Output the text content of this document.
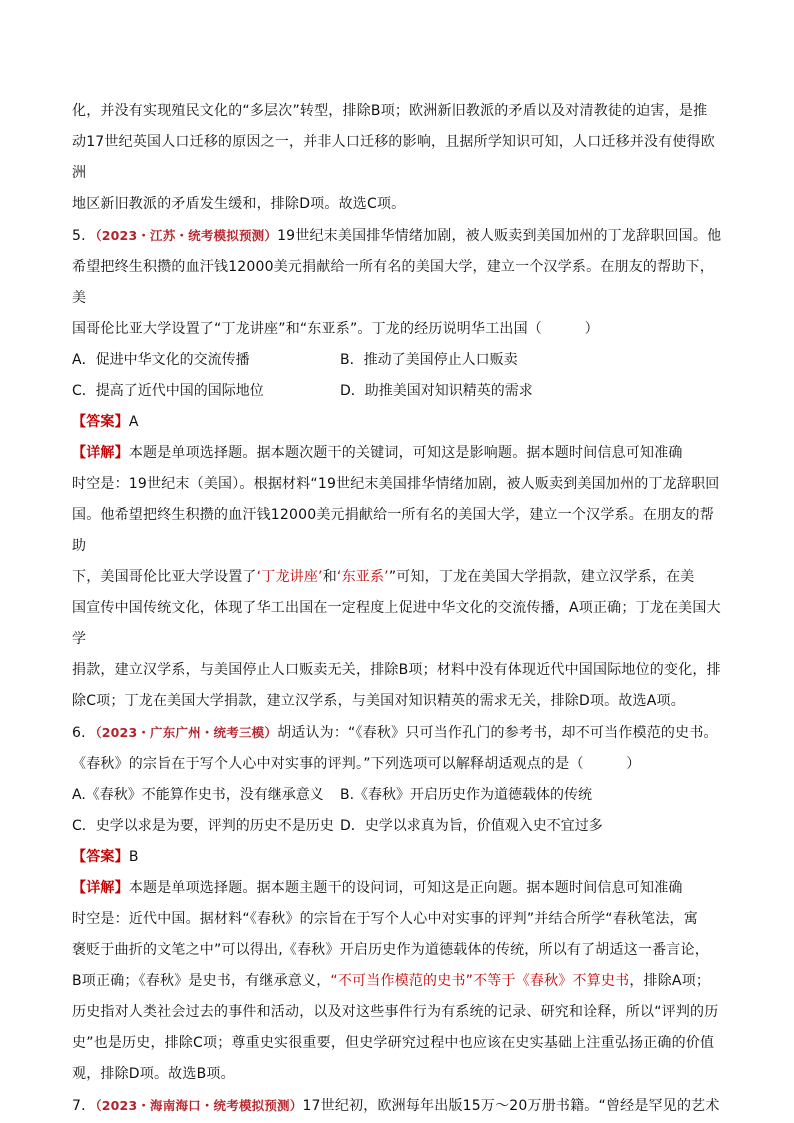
化，并没有实现殖民文化的“多层次”转型，排除B项；欧洲新旧教派的矛盾以及对清教徒的迫害，是推

动17世纪英国人口迁移的原因之一，并非人口迁移的影响，且据所学知识可知，人口迁移并没有使得欧洲

地区新旧教派的矛盾发生缓和，排除D项。故选C项。

5．（2023・江苏・统考模拟预测）19世纪末美国排华情绪加剧，被人贩卖到美国加州的丁龙辞职回国。他

希望把终生积攒的血汗钱12000美元捐献给一所有名的美国大学，建立一个汉学系。在朋友的帮助下，美

国哥伦比亚大学设置了“丁龙讲座”和“东亚系”。丁龙的经历说明华工出国（　　　）

A．促进中华文化的交流传播	B．推动了美国停止人口贩卖
C．提高了近代中国的国际地位	D．助推美国对知识精英的需求

【答案】A

【详解】本题是单项选择题。据本题次题干的关键词，可知这是影响题。据本题时间信息可知准确

时空是：19世纪末（美国）。根据材料“19世纪末美国排华情绪加剧，被人贩卖到美国加州的丁龙辞职回

国。他希望把终生积攒的血汗钱12000美元捐献给一所有名的美国大学，建立一个汉学系。在朋友的帮助

下，美国哥伦比亚大学设置了‘丁龙讲座’和‘东亚系’”可知，丁龙在美国大学捐款，建立汉学系，在美

国宣传中国传统文化，体现了华工出国在一定程度上促进中华文化的交流传播，A项正确；丁龙在美国大学

捐款，建立汉学系，与美国停止人口贩卖无关，排除B项；材料中没有体现近代中国国际地位的变化，排

除C项；丁龙在美国大学捐款，建立汉学系，与美国对知识精英的需求无关，排除D项。故选A项。

6．（2023・广东广州・统考三模）胡适认为：“《春秋》只可当作孔门的参考书，却不可当作模范的史书。

《春秋》的宗旨在于写个人心中对实事的评判。”下列选项可以解释胡适观点的是（　　　）

A.《春秋》不能算作史书，没有继承意义	B.《春秋》开启历史作为道德载体的传统
C．史学以求是为要，评判的历史不是历史 D．史学以求真为旨，价值观入史不宜过多

【答案】B

【详解】本题是单项选择题。据本题主题干的设问词，可知这是正向题。据本题时间信息可知准确

时空是：近代中国。据材料“《春秋》的宗旨在于写个人心中对实事的评判”并结合所学“春秋笔法，寓

褒贬于曲折的文笔之中”可以得出,《春秋》开启历史作为道德载体的传统，所以有了胡适这一番言论，

B项正确；《春秋》是史书，有继承意义，“不可当作模范的史书”不等于《春秋》不算史书，排除A项；

历史指对人类社会过去的事件和活动，以及对这些事件行为有系统的记录、研究和诠释，所以“评判的历

史”也是历史，排除C项；尊重史实很重要，但史学研究过程中也应该在史实基础上注重弘扬正确的价值

观，排除D项。故选B项。

7．（2023・海南海口・统考模拟预测）17世纪初，欧洲每年出版15万～20万册书籍。“曾经是罕见的艺术
